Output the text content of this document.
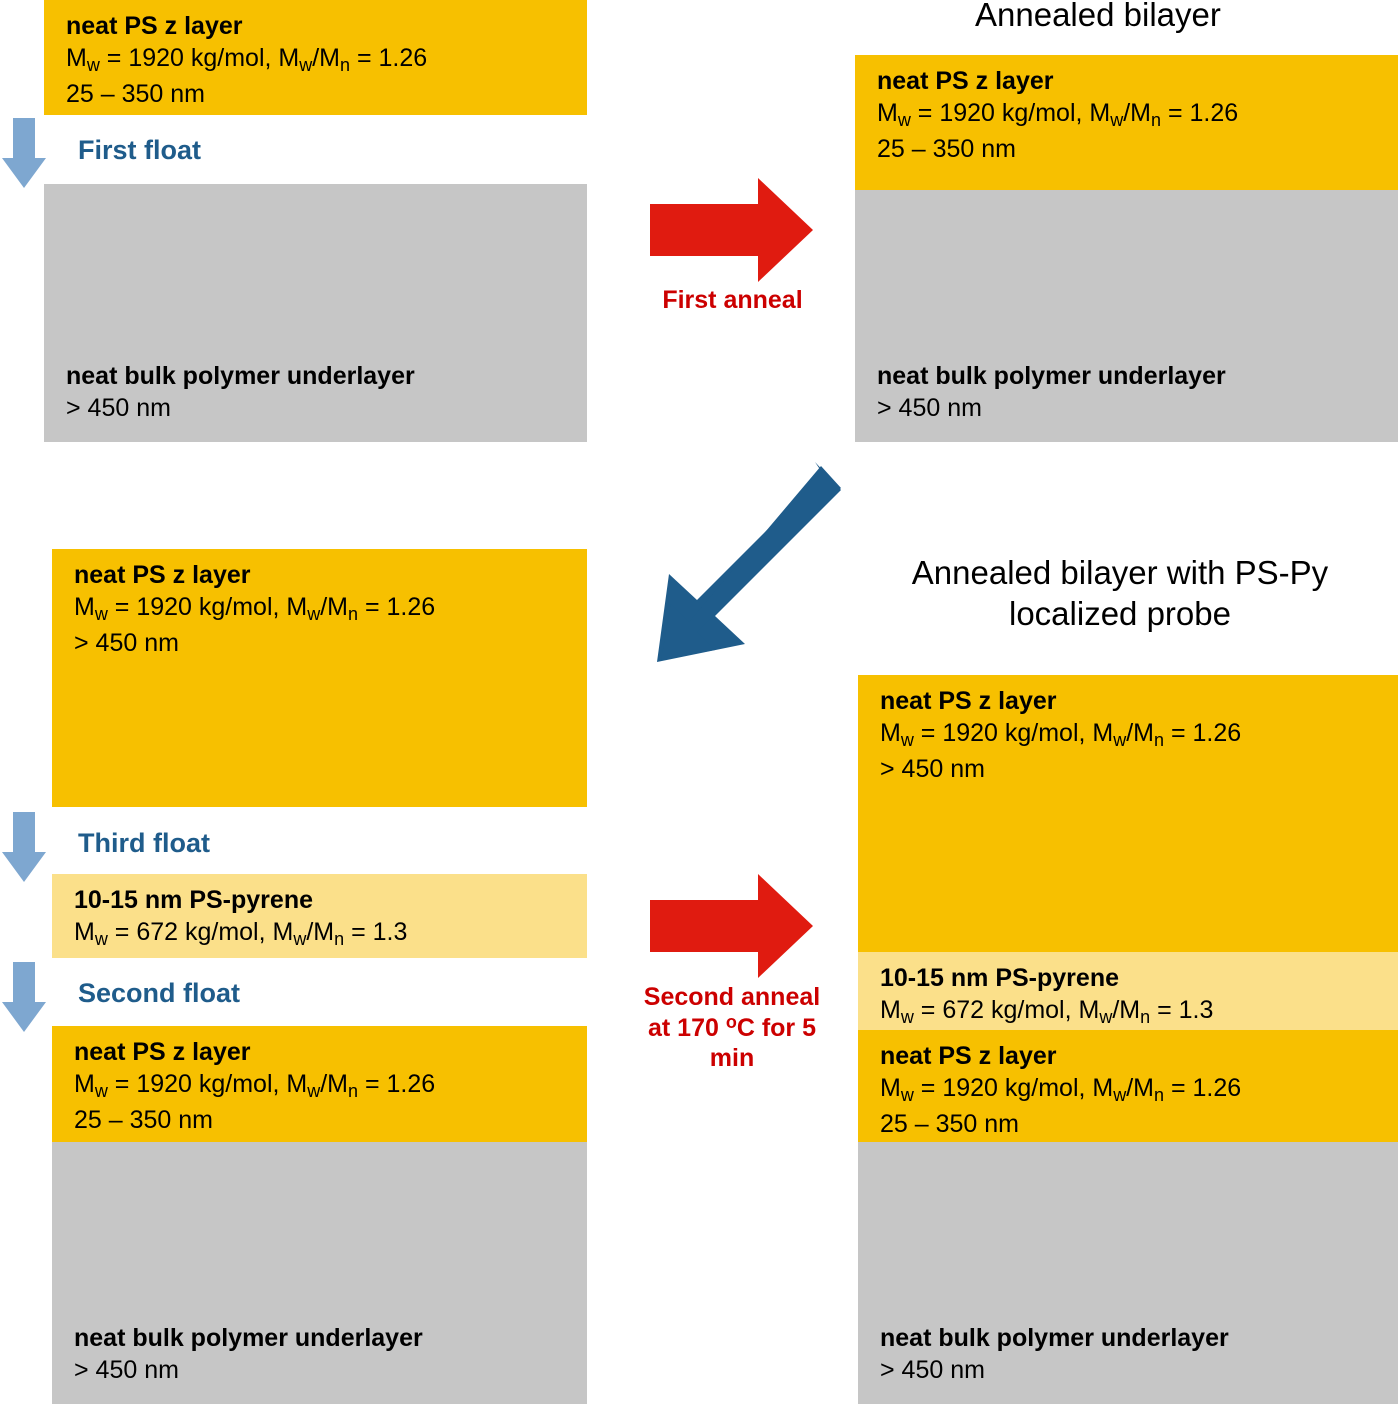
neat PS z layer
$M_w = 1920$ kg/mol, $M_w/M_n = 1.26$
25 – 350 nm
First float
neat bulk polymer underlayer
> 450 nm
First anneal
Annealed bilayer
neat PS z layer
$M_w = 1920$ kg/mol, $M_w/M_n = 1.26$
25 – 350 nm
neat bulk polymer underlayer
> 450 nm
neat PS z layer
$M_w = 1920$ kg/mol, $M_w/M_n = 1.26$
> 450 nm
Third float
10-15 nm PS-pyrene
$M_w = 672$ kg/mol, $M_w/M_n = 1.3$
Second float
neat PS z layer
$M_w = 1920$ kg/mol, $M_w/M_n = 1.26$
25 – 350 nm
neat bulk polymer underlayer
> 450 nm
Second anneal
at 170 $^o$C for 5
min
Annealed bilayer with PS-Py
localized probe
neat PS z layer
$M_w = 1920$ kg/mol, $M_w/M_n = 1.26$
> 450 nm
10-15 nm PS-pyrene
$M_w = 672$ kg/mol, $M_w/M_n = 1.3$
neat PS z layer
$M_w = 1920$ kg/mol, $M_w/M_n = 1.26$
25 – 350 nm
neat bulk polymer underlayer
> 450 nm
